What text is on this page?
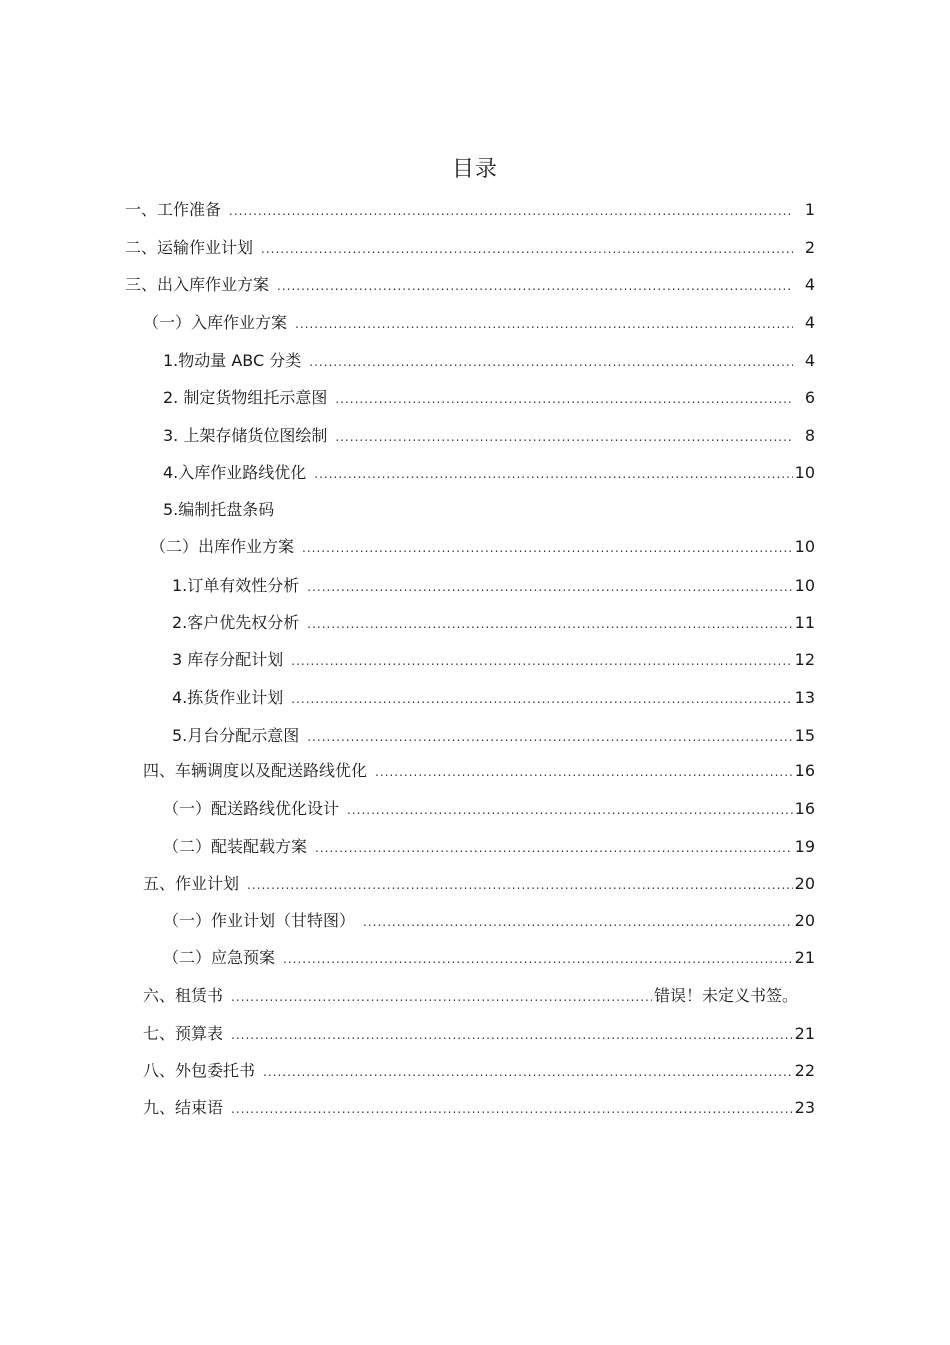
目录
一、工作准备 .....	1
二、运输作业计划 .....	2
三、出入库作业方案 .....	4
（一）入库作业方案 .....	4
1.物动量 ABC 分类 .....	4
2. 制定货物组托示意图 .....	6
3. 上架存储货位图绘制 .....	8
4.入库作业路线优化 .....	10
5.编制托盘条码
（二）出库作业方案 .....	10
1.订单有效性分析 .....	10
2.客户优先权分析 .....	11
3 库存分配计划 .....	12
4.拣货作业计划 .....	13
5.月台分配示意图 .....	15
四、车辆调度以及配送路线优化 .....	16
（一）配送路线优化设计 .....	16
（二）配装配载方案 .....	19
五、作业计划 .....	20
（一）作业计划（甘特图） .....	20
（二）应急预案 .....	21
六、租赁书 .....	错误！未定义书签。
七、预算表 .....	21
八、外包委托书 .....	22
九、结束语 .....	23
